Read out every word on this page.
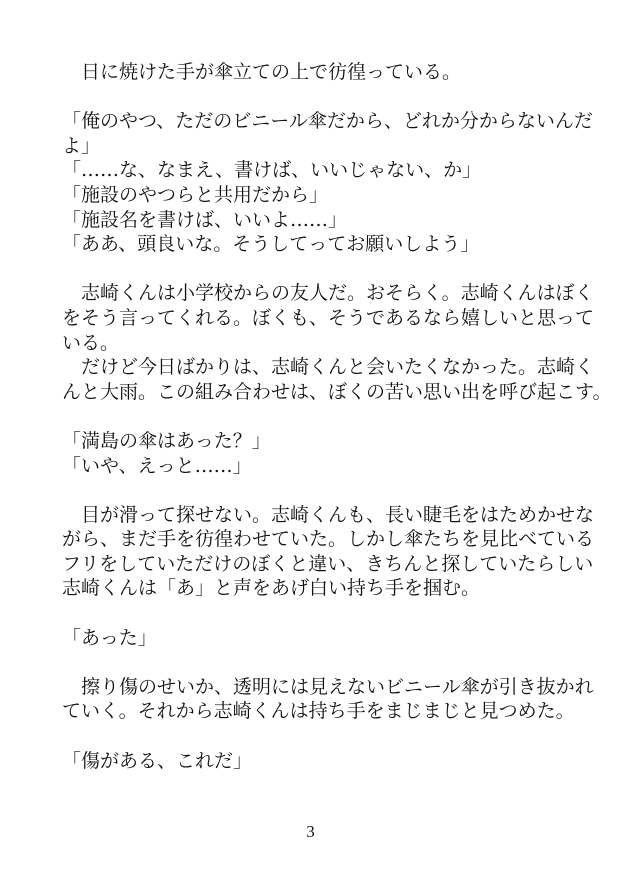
　日に焼けた手が傘立ての上で彷徨っている。
「俺のやつ、ただのビニール傘だから、どれか分からないんだ
よ」
「……な、なまえ、書けば、いいじゃない、か」
「施設のやつらと共用だから」
「施設名を書けば、いいよ……」
「ああ、頭良いな。そうしてってお願いしよう」
　志崎くんは小学校からの友人だ。おそらく。志崎くんはぼく
をそう言ってくれる。ぼくも、そうであるなら嬉しいと思って
いる。
　だけど今日ばかりは、志崎くんと会いたくなかった。志崎く
んと大雨。この組み合わせは、ぼくの苦い思い出を呼び起こす。
「満島の傘はあった？」
「いや、えっと……」
　目が滑って探せない。志崎くんも、長い睫毛をはためかせな
がら、まだ手を彷徨わせていた。しかし傘たちを見比べている
フリをしていただけのぼくと違い、きちんと探していたらしい
志崎くんは「あ」と声をあげ白い持ち手を掴む。
「あった」
　擦り傷のせいか、透明には見えないビニール傘が引き抜かれ
ていく。それから志崎くんは持ち手をまじまじと見つめた。
「傷がある、これだ」
3
